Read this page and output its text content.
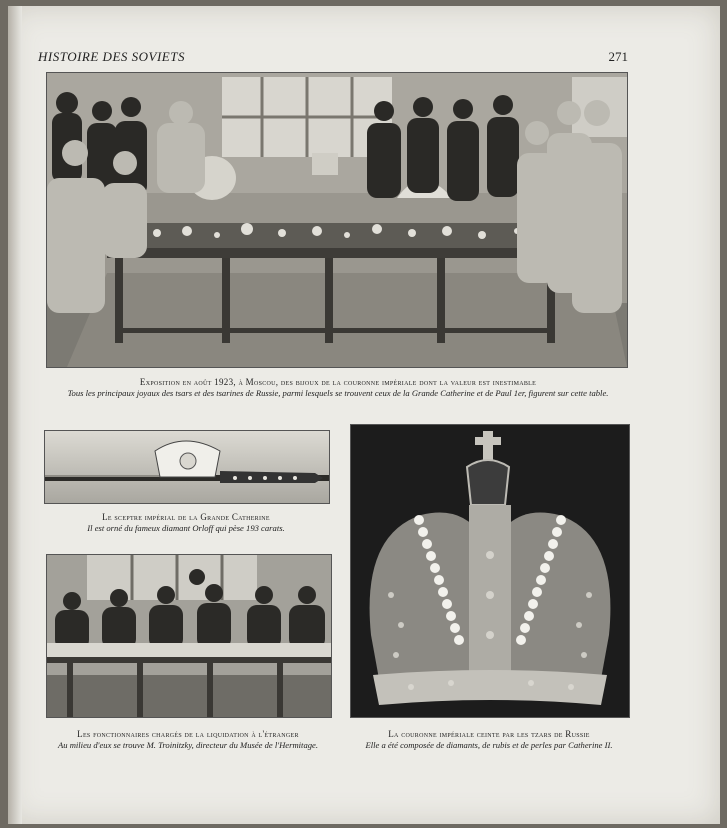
HISTOIRE DES SOVIETS	271
Exposition en août 1923, à Moscou, des bijoux de la couronne impériale dont la valeur est inestimable
Tous les principaux joyaux des tsars et des tsarines de Russie, parmi lesquels se trouvent ceux de la Grande Catherine et de Paul 1er, figurent sur cette table.
Le sceptre impérial de la Grande Catherine
Il est orné du fameux diamant Orloff qui pèse 193 carats.
Les fonctionnaires chargés de la liquidation à l'étranger
Au milieu d'eux se trouve M. Troinitzky, directeur du Musée de l'Hermitage.
La couronne impériale ceinte par les tzars de Russie
Elle a été composée de diamants, de rubis et de perles par Catherine II.
